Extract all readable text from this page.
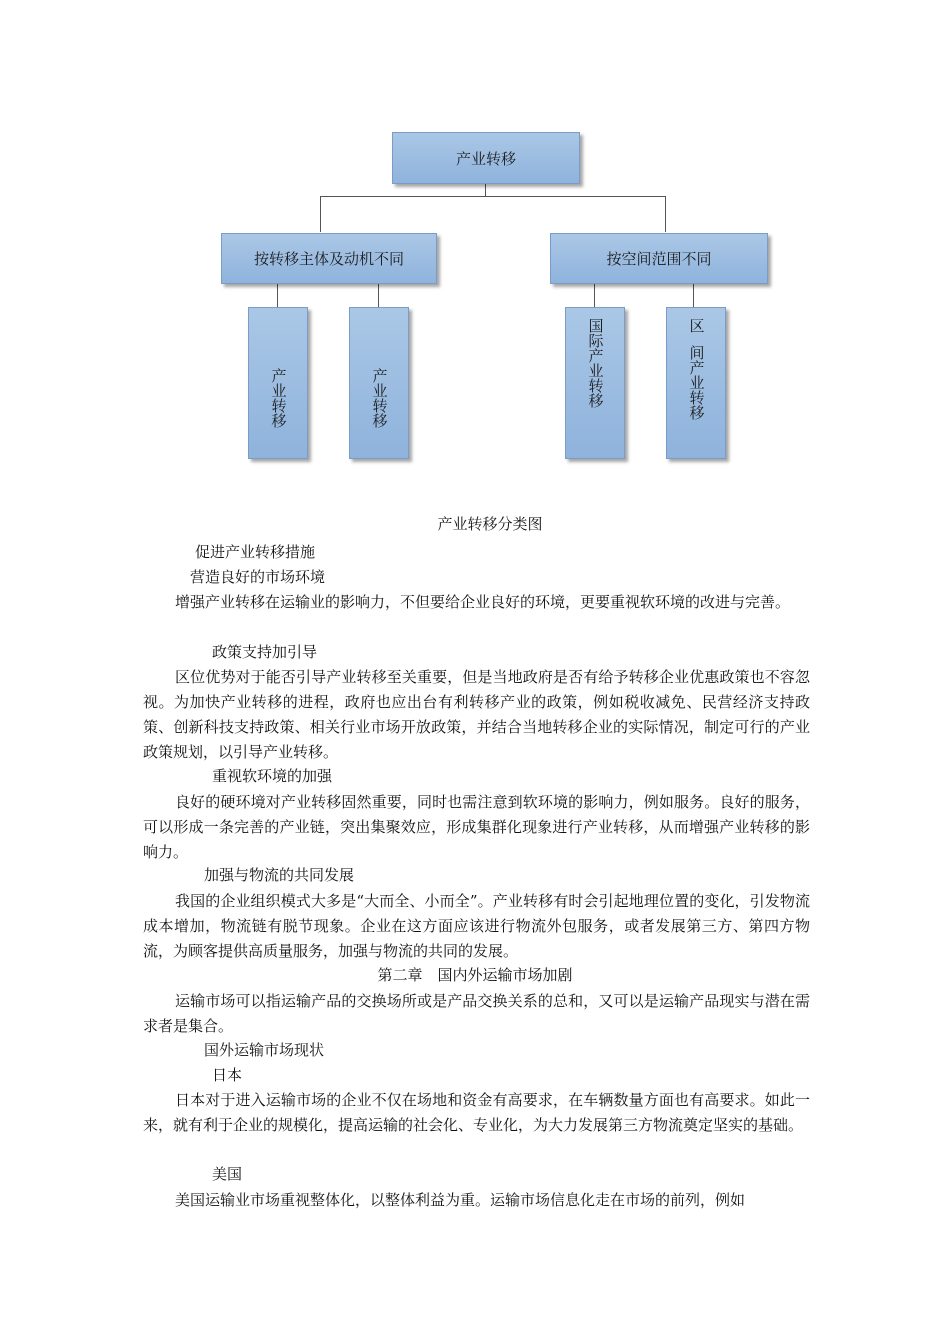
产业转移
按转移主体及动机不同	按空间范围不同
产业转移	产业转移	国际产业转移	区
间产业转移
产业转移分类图
促进产业转移措施
营造良好的市场环境
增强产业转移在运输业的影响力，不但要给企业良好的环境，更要重视软环境的改进与完善。
政策支持加引导
区位优势对于能否引导产业转移至关重要，但是当地政府是否有给予转移企业优惠政策也不容忽视。为加快产业转移的进程，政府也应出台有利转移产业的政策，例如税收减免、民营经济支持政策、创新科技支持政策、相关行业市场开放政策，并结合当地转移企业的实际情况，制定可行的产业政策规划，以引导产业转移。
重视软环境的加强
良好的硬环境对产业转移固然重要，同时也需注意到软环境的影响力，例如服务。良好的服务，可以形成一条完善的产业链，突出集聚效应，形成集群化现象进行产业转移，从而增强产业转移的影响力。
加强与物流的共同发展
我国的企业组织模式大多是“大而全、小而全”。产业转移有时会引起地理位置的变化，引发物流成本增加，物流链有脱节现象。企业在这方面应该进行物流外包服务，或者发展第三方、第四方物流，为顾客提供高质量服务，加强与物流的共同的发展。
第二章　国内外运输市场加剧
运输市场可以指运输产品的交换场所或是产品交换关系的总和，又可以是运输产品现实与潜在需求者是集合。
国外运输市场现状
日本
日本对于进入运输市场的企业不仅在场地和资金有高要求，在车辆数量方面也有高要求。如此一来，就有利于企业的规模化，提高运输的社会化、专业化，为大力发展第三方物流奠定坚实的基础。
美国
美国运输业市场重视整体化，以整体利益为重。运输市场信息化走在市场的前列，例如
